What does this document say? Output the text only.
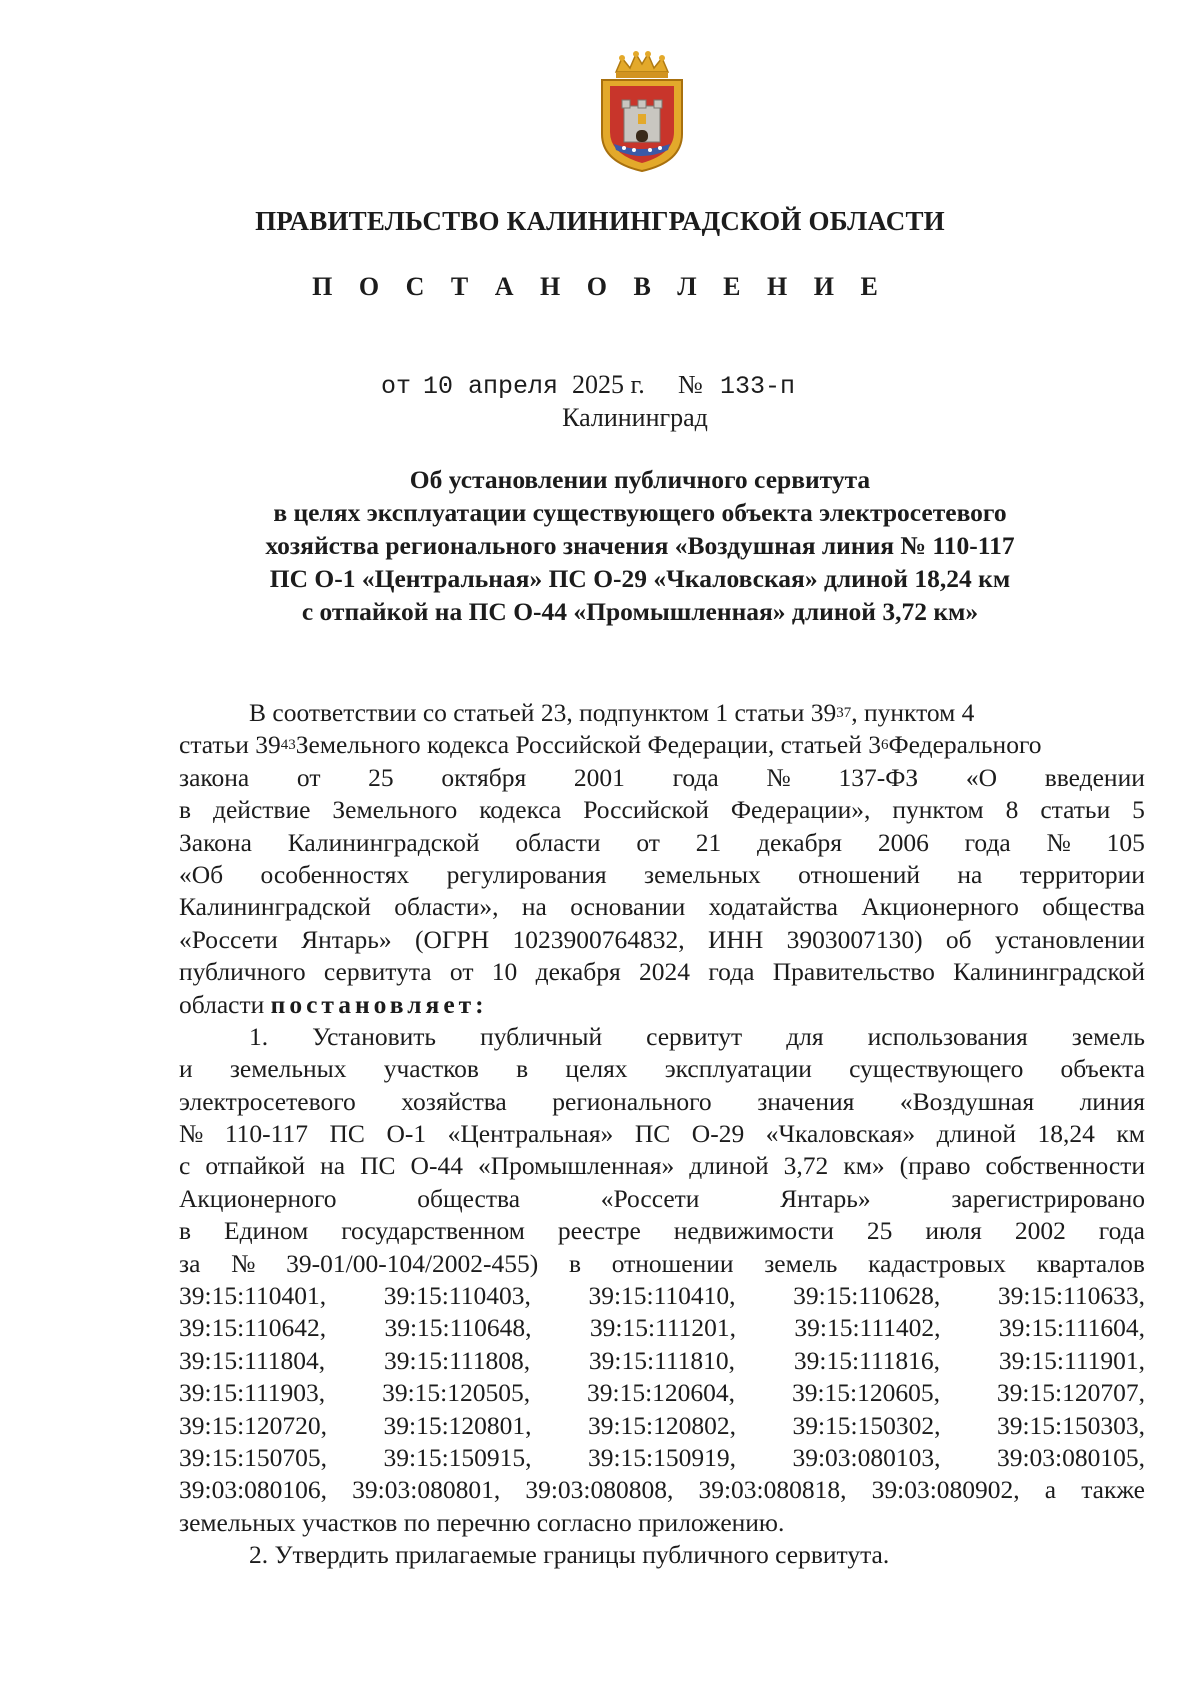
ПРАВИТЕЛЬСТВО КАЛИНИНГРАДСКОЙ ОБЛАСТИ
П О С Т А Н О В Л Е Н И Е
от 10 апреля 2025 г. № 133-п
Калининград
Об установлении публичного сервитута
в целях эксплуатации существующего объекта электросетевого
хозяйства регионального значения «Воздушная линия № 110-117
ПС О-1 «Центральная» ПС О-29 «Чкаловская» длиной 18,24 км
с отпайкой на ПС О-44 «Промышленная» длиной 3,72 км»
В соответствии со статьей 23, подпунктом 1 статьи $39^{37}$, пунктом 4
статьи $39^{43}Земельного$ кодекса Российской Федерации, статьей $3^6Федерального$
закона от 25 октября 2001 года № 137-ФЗ «О введении
в действие Земельного кодекса Российской Федерации», пунктом 8 статьи 5
Закона Калининградской области от 21 декабря 2006 года № 105
«Об особенностях регулирования земельных отношений на территории
Калининградской области», на основании ходатайства Акционерного общества
«Россети Янтарь» (ОГРН 1023900764832, ИНН 3903007130) об установлении
публичного сервитута от 10 декабря 2024 года Правительство Калининградской
области
постановляет:
1. Установить публичный сервитут для использования земель
и земельных участков в целях эксплуатации существующего объекта
электросетевого хозяйства регионального значения «Воздушная линия
№ 110-117 ПС О-1 «Центральная» ПС О-29 «Чкаловская» длиной 18,24 км
с отпайкой на ПС О-44 «Промышленная» длиной 3,72 км» (право собственности
Акционерного	общества	«Россети	Янтарь»	зарегистрировано
в Едином государственном реестре недвижимости 25 июля 2002 года
за № 39-01/00-104/2002-455) в отношении земель кадастровых кварталов
39:15:110401, 39:15:110403, 39:15:110410, 39:15:110628, 39:15:110633,
39:15:110642, 39:15:110648, 39:15:111201, 39:15:111402, 39:15:111604,
39:15:111804, 39:15:111808, 39:15:111810, 39:15:111816, 39:15:111901,
39:15:111903, 39:15:120505, 39:15:120604, 39:15:120605, 39:15:120707,
39:15:120720, 39:15:120801, 39:15:120802, 39:15:150302, 39:15:150303,
39:15:150705, 39:15:150915, 39:15:150919, 39:03:080103, 39:03:080105,
39:03:080106, 39:03:080801, 39:03:080808, 39:03:080818, 39:03:080902, а также
земельных участков по перечню согласно приложению.
2. Утвердить прилагаемые границы публичного сервитута.
